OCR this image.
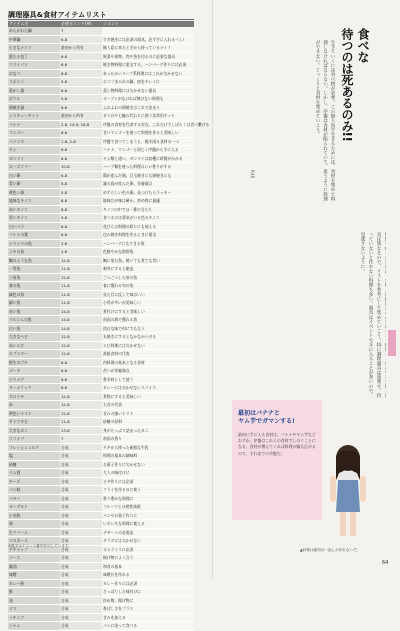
調理器具&食材アイテムリスト
アイテム名	必要ポイント(※)	コメント
あらかわた鍋	7	
中華鍋	6-8	すき焼きには必須の器具。必ず手に入れるべし!
小さなナイフ	最初から所有	無人島に来たときから持っているナイフ
重たる包丁	6-6	野菜や果物、肉や魚を切るのに必要な器具
フライパン	6-6	焼き物料理に重宝する。ハンバーグ作りには必須
おなべ	6-8	あったかいスープ系料理にはこれが欠かせない
スポンジ	5-8	ホコリまみれの鍋、皿をキレイに
蒸かし器	6-6	蒸し物料理には欠かせない器具
ボウル	5-6	オーブンがなければ焼けない料理も
卵焼き器	6-6	ふわふわの卵焼きはこれで決まり
レスキューキット	最初から所有	ガス台や七輪の代わりに使う非常用キット
バナナ	2-8, 14-9, 16-8	序盤の食材を代表する存在。これだけでしばらくは食べ繋げる
マンゴー	6-8	甘いマンゴーを使って料理を作ると美味しい
パパイヤ	1-8, 2-8	序盤で食べてしまうと、後半困る食材の一つ
ヤシ	6-8	バナナ、マンゴーと同じく序盤から手に入る
ゼンマイ	6-8	ヤシ類と違い、ゼンマイは収穫に時間がかかる
ローズマリー	10-8	ハーブ類を使った料理はいい香りがする
白い卵	6-8	鶏が産んだ卵。目玉焼きにも卵焼きにも
青い卵	5-8	謎の鳥が産んだ卵。栄養満点
黄色い卵	5-8	めずらしい色の卵。見つけたらラッキー
地味なキノコ	8-8	地味だが味は確か。炒め物に最適
赤いキノコ	8-8	キノコの中では一番の当たり
青いキノコ	9-8	食べるには勇気がいる色のキノコ
白いバラ	8-8	花びらは料理の彩りにも使える
バナナの葉	8-8	包み焼き料理を作るときに重宝
シマシマの魚	2-8	ハンバーグにもできる魚
ニモの魚	2-8	色鮮やかな熱帯魚
鯛のような魚	12-8	鯛に似た魚。焼いても煮ても旨い
一等魚	11-8	刺身にすると絶品
三角魚	12-8	ごつごつした形の魚
春の魚	11-8	春に獲れる旬の魚
緑色の魚	11-8	見た目に反して味はいい
細い魚	11-8	小骨が多いが美味しい
赤い魚	14-8	煮付けにすると美味しい
マルンムの魚	14-8	南国の海で獲れる魚
白い魚	14-8	淡白な味で何にでも合う
大きなヘビ	12-8	丸焼きにするとなかなかいける
赤いエビ	12-8	エビ料理には欠かせない
ロブスター	12-8	高級食材の代表
野生のブタ	6-8	肉料理の基本となる食材
ゴーヤ	6-8	苦いが栄養満点
ナツメグ	6-8	香辛料として使う
ターメリック	6-8	カレーには欠かせないスパイス
タロイモ	12-8	煮物にすると美味しい
米	12-8	主食の代表
黄色いトマト	12-8	甘みの強いトマト
サトウキビ	11-8	砂糖の原料
大きなカニ	13-8	身がたっぷり詰まったカニ
ココナツ	7	南国の香り
フレッシュミルク	合成	ヤギから搾った新鮮な牛乳
塩	合成	料理の基本の調味料
砂糖	合成	お菓子作りに欠かせない
ラム酒	合成	大人の味付けに
チーズ	合成	ピザ作りには必須
パン粉	合成	フライを作るのに使う
バター	合成	香り豊かな料理に
ヨーグルト	合成	フルーツとの相性抜群
小麦粉	合成	パンやお菓子作りに
卵	合成	いろいろな料理に使える
生クリーム	合成	デザートの必需品
マヨネーズ	合成	サラダには欠かせない
ケチャップ	合成	オムライスに必須
ソース	合成	揚げ物によく合う
醤油	合成	和食の基本
味噌	合成	味噌汁を作れる
カレー粉	合成	カレー作りには必須
酢	合成	さっぱりした味付けに
油	合成	炒め物、揚げ物に
ゴマ	合成	香ばしさをプラス
ハチミツ	合成	甘みを加える
ジャム	合成	パンに塗って食べる
※数字はイベント番号を示しています。
食べな
待つのは死あるのみ!!
生きていくには食べ物が必要。この無人島で生きるためには、食材を集めて料理しなければならない。しかし、序盤は食材が限られていて、思うように料理ができない。じっくりと食材を集めていこう。
P.40
具は異なるので、リストを参考にして集めていこう。特に調理器具は重要で、持っていないと作れない料理も多い。器具はイベントで手に入ることが多いので、見逃さないように。
最初はバナナと
ヤム芋でガマンする!
最初に手に入る食材は、バナナやヤム芋などわずか。序盤はこれらの食材でしのぐことになる。食材が増えてくれば料理の幅も広がるので、それまでの辛抱だ。
▲料理は最初は一品しか作れないぞ。
64
